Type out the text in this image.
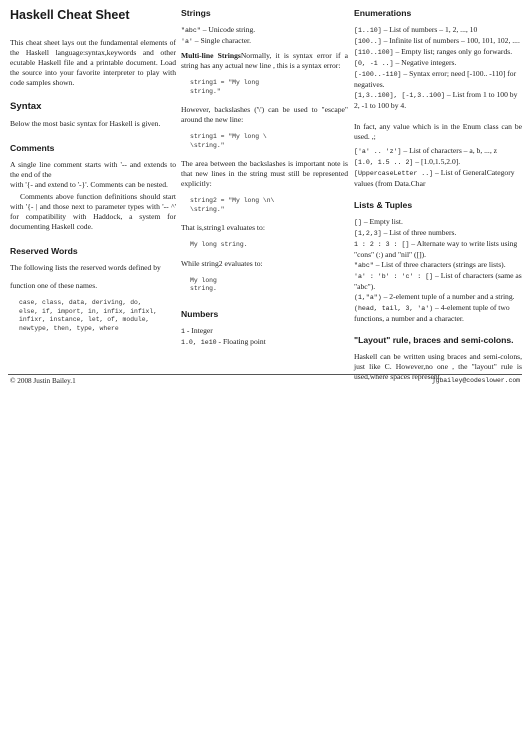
Haskell Cheat Sheet

This cheat sheet lays out the fundamental elements of the Haskell language:syntax,keywords and other ecutable Haskell file and a printable document. Load the source into your favorite interpreter to play with code samples shown.

Syntax

Below the most basic syntax for Haskell is given.

Comments

A single line comment starts with '-- and extends to the end of the

with '{- and extend to '-}'. Comments can be nested.

Comments above function definitions should start with '{- | and those next to parameter types with '-- ^' for compatibility with Haddock, a system for documenting Haskell code.

Reserved Words

The following lists the reserved words defined by

function one of these names.

case, class, data, deriving, do,
else, if, import, in, infix, infixl,
infixr, instance, let, of, module,
newtype, then, type, where
Strings
"abc" – Unicode string.
'a' – Single character.

Multi-line StringsNormally, it is syntax error if a string has any actual new line , this is a syntax error:

string1 = "My long
string."

However, backslashes ('\') can be used to "escape" around the new line:

string1 = "My long \
\string."

The area between the backslashes is important note is that new lines in the string must still be represented explicitly:

string2 = "My long \n\
\string."

That is,string1 evaluates to:

My long string.

While string2 evaluates to:

My long
string.
Numbers
1 - Integer
1.0, 1e10 - Floating point
Enumerations
[1..10] – List of numbers – 1, 2, ..., 10
[100..] – Infinite list of numbers – 100, 101, 102, ....
[110..100] – Empty list; ranges only go forwards.
[0, -1 ..] – Negative integers.
[-100..-110] – Syntax error; need [-100.. -110] for negatives.
[1,3..100], [-1,3..100] – List from 1 to 100 by 2, -1 to 100 by 4.

In fact, any value which is in the Enum class can be used. ,;

['a' .. 'z'] – List of characters – a, b, ..., z
[1.0, 1.5 .. 2] – [1.0,1.5,2.0].
[UppercaseLetter ..] – List of GeneralCategory values (from Data.Char
Lists & Tuples
[] – Empty list.
[1,2,3] – List of three numbers.
1 : 2 : 3 : [] – Alternate way to write lists using "cons" (:) and "nil" ([]).
"abc" – List of three characters (strings are lists).
'a' : 'b' : 'c' : [] – List of characters (same as "abc").
(1,"a") – 2-element tuple of a number and a string.
(head, tail, 3, 'a') – 4-element tuple of two functions, a number and a character.
"Layout" rule, braces and semi-colons.

Haskell can be written using braces and semi-colons, just like C. However,no one , the "layout" rule is used,where spaces represent

© 2008 Justin Bailey.1	jgbailey@codeslower.com
